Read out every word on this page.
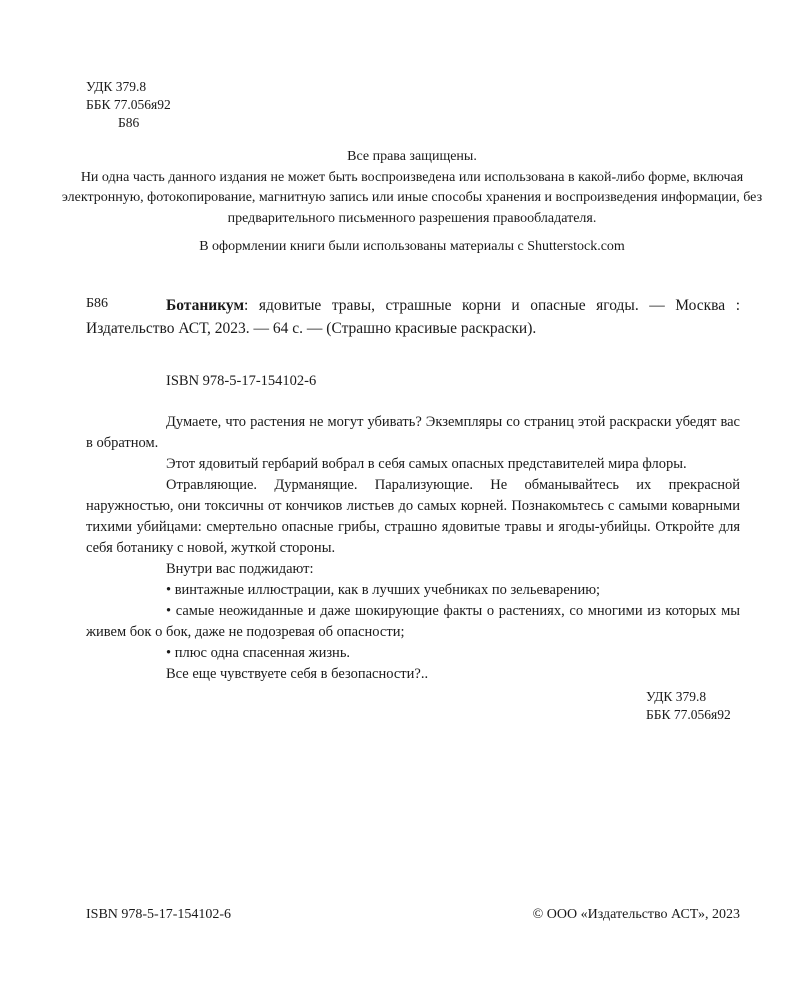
УДК 379.8
ББК 77.056я92
Б86
Все права защищены.
Ни одна часть данного издания не может быть воспроизведена или использована в какой-либо форме, включая электронную, фотокопирование, магнитную запись или иные способы хранения и воспроизведения информации, без предварительного письменного разрешения правообладателя.
В оформлении книги были использованы материалы с Shutterstock.com
Б86	Ботаникум: ядовитые травы, страшные корни и опасные ягоды. — Москва :
Издательство АСТ, 2023. — 64 с. — (Страшно красивые раскраски).
ISBN 978-5-17-154102-6

Думаете, что растения не могут убивать? Экземпляры со страниц этой раскраски убедят вас в обратном.

Этот ядовитый гербарий вобрал в себя самых опасных представителей мира флоры.

Отравляющие. Дурманящие. Парализующие. Не обманывайтесь их прекрасной наружностью, они токсичны от кончиков листьев до самых корней. Познакомьтесь с самыми коварными тихими убийцами: смертельно опасные грибы, страшно ядовитые травы и ягоды-убийцы. Откройте для себя ботанику с новой, жуткой стороны.

Внутри вас поджидают:

• винтажные иллюстрации, как в лучших учебниках по зельеварению;

• самые неожиданные и даже шокирующие факты о растениях, со многими из которых мы живем бок о бок, даже не подозревая об опасности;

• плюс одна спасенная жизнь.

Все еще чувствуете себя в безопасности?..

УДК 379.8
ББК 77.056я92
ISBN 978-5-17-154102-6	© ООО «Издательство АСТ», 2023
